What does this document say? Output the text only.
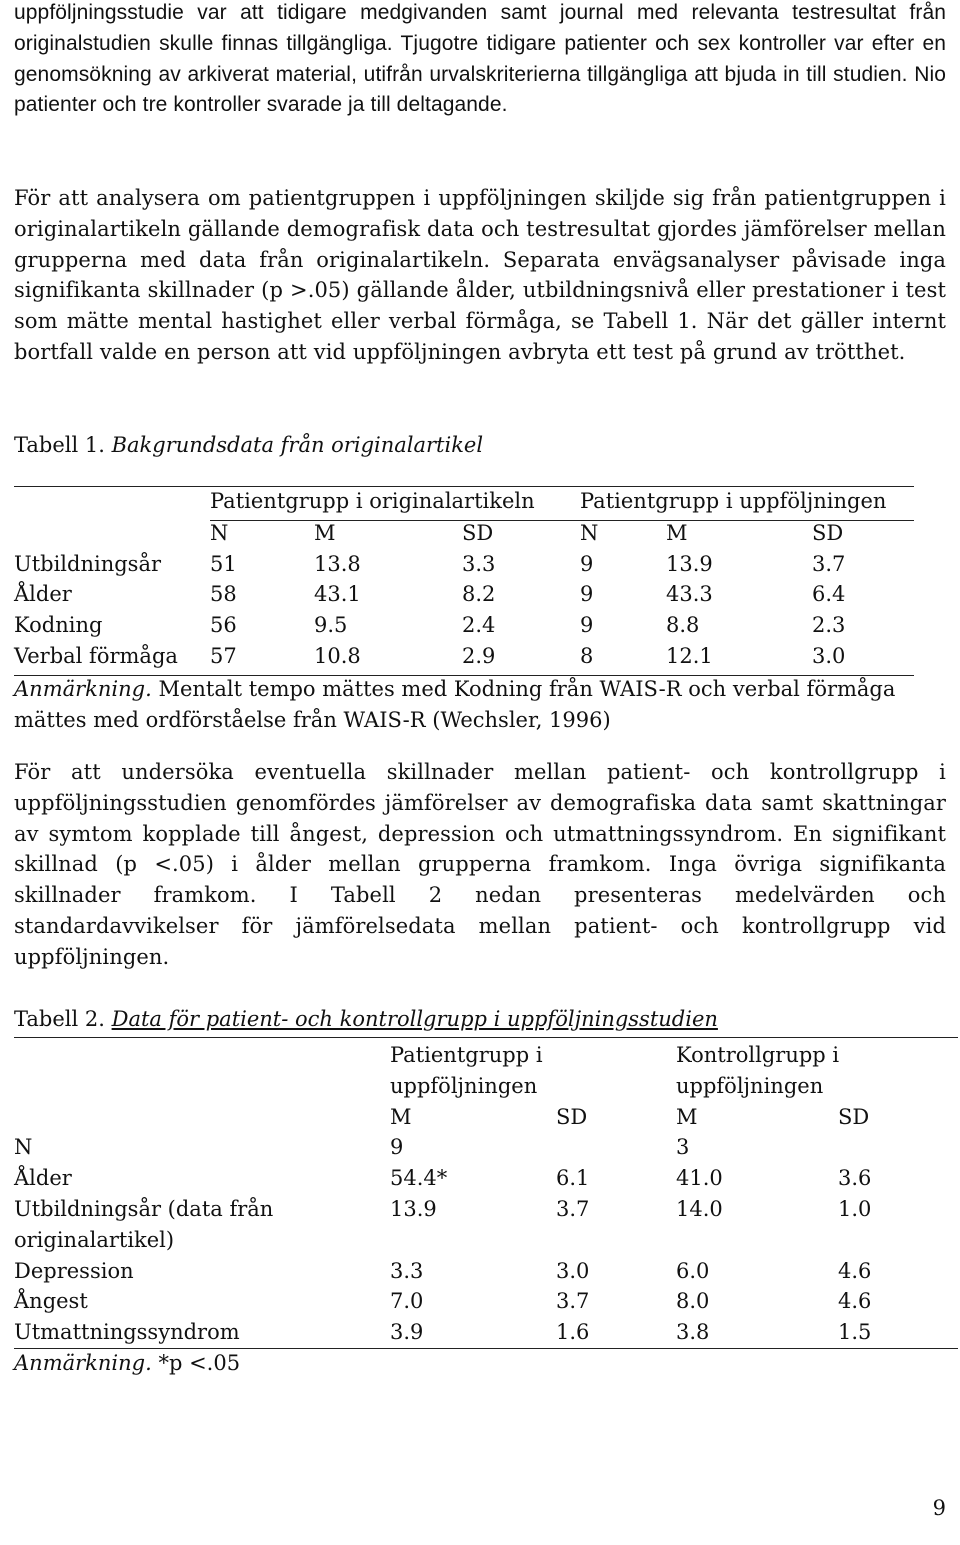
uppföljningsstudie var att tidigare medgivanden samt journal med relevanta testresultat från originalstudien skulle finnas tillgängliga. Tjugotre tidigare patienter och sex kontroller var efter en genomsökning av arkiverat material, utifrån urvalskriterierna tillgängliga att bjuda in till studien. Nio patienter och tre kontroller svarade ja till deltagande.

För att analysera om patientgruppen i uppföljningen skiljde sig från patientgruppen i originalartikeln gällande demografisk data och testresultat gjordes jämförelser mellan grupperna med data från originalartikeln. Separata envägsanalyser påvisade inga signifikanta skillnader (p >.05) gällande ålder, utbildningsnivå eller prestationer i test som mätte mental hastighet eller verbal förmåga, se Tabell 1. När det gäller internt bortfall valde en person att vid uppföljningen avbryta ett test på grund av trötthet.

Tabell 1. Bakgrundsdata från originalartikel
	Patientgrupp i originalartikeln			Patientgrupp i uppföljningen		
	N	M	SD	N	M	SD
Utbildningsår	51	13.8	3.3	9	13.9	3.7
Ålder	58	43.1	8.2	9	43.3	6.4
Kodning	56	9.5	2.4	9	8.8	2.3
Verbal förmåga	57	10.8	2.9	8	12.1	3.0
Anmärkning. Mentalt tempo mättes med Kodning från WAIS-R och verbal förmåga mättes med ordförståelse från WAIS-R (Wechsler, 1996)

För att undersöka eventuella skillnader mellan patient- och kontrollgrupp i uppföljningsstudien genomfördes jämförelser av demografiska data samt skattningar av symtom kopplade till ångest, depression och utmattningssyndrom. En signifikant skillnad (p <.05) i ålder mellan grupperna framkom. Inga övriga signifikanta skillnader framkom. I Tabell 2 nedan presenteras medelvärden och standardavvikelser för jämförelsedata mellan patient- och kontrollgrupp vid uppföljningen.

Tabell 2. Data för patient- och kontrollgrupp i uppföljningsstudien
	Patientgrupp i		Kontrollgrupp i	
	uppföljningen		uppföljningen	
	M	SD	M	SD
N	9		3	
Ålder	54.4*	6.1	41.0	3.6
Utbildningsår (data från	13.9	3.7	14.0	1.0
originalartikel)				
Depression	3.3	3.0	6.0	4.6
Ångest	7.0	3.7	8.0	4.6
Utmattningssyndrom	3.9	1.6	3.8	1.5
Anmärkning. *p <.05
9
